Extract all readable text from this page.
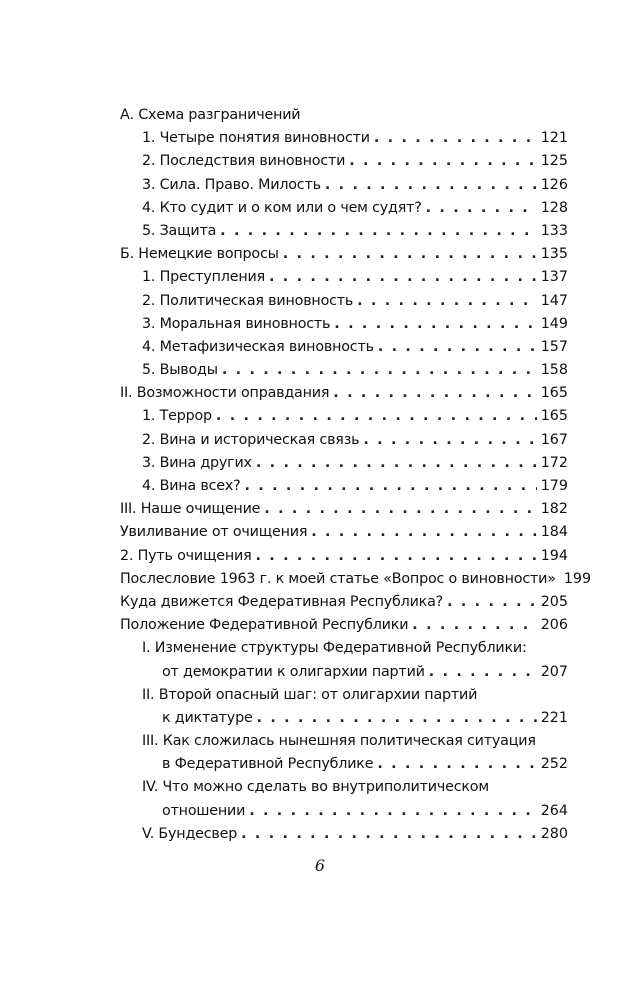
А. Схема разграничений
1. Четыре понятия виновности . . .	121
2. Последствия виновности . . .	125
3. Сила. Право. Милость . . .	126
4. Кто судит и о ком или о чем судят? . . .	128
5. Защита . . .	133
Б. Немецкие вопросы . . .	135
1. Преступления . . .	137
2. Политическая виновность . . .	147
3. Моральная виновность . . .	149
4. Метафизическая виновность . . .	157
5. Выводы . . .	158
II. Возможности оправдания . . .	165
1. Террор . . .	165
2. Вина и историческая связь . . .	167
3. Вина других . . .	172
4. Вина всех? . . .	179
III. Наше очищение . . .	182
Увиливание от очищения . . .	184
2. Путь очищения . . .	194
Послесловие 1963 г. к моей статье «Вопрос о виновности» 199
Куда движется Федеративная Республика? . . .	205
Положение Федеративной Республики . . .	206
I. Изменение структуры Федеративной Республики:
от демократии к олигархии партий . . .	207
II. Второй опасный шаг: от олигархии партий
к диктатуре . . .	221
III. Как сложилась нынешняя политическая ситуация
в Федеративной Республике . . .	252
IV. Что можно сделать во внутриполитическом
отношении . . .	264
V. Бундесвер . . .	280
6
